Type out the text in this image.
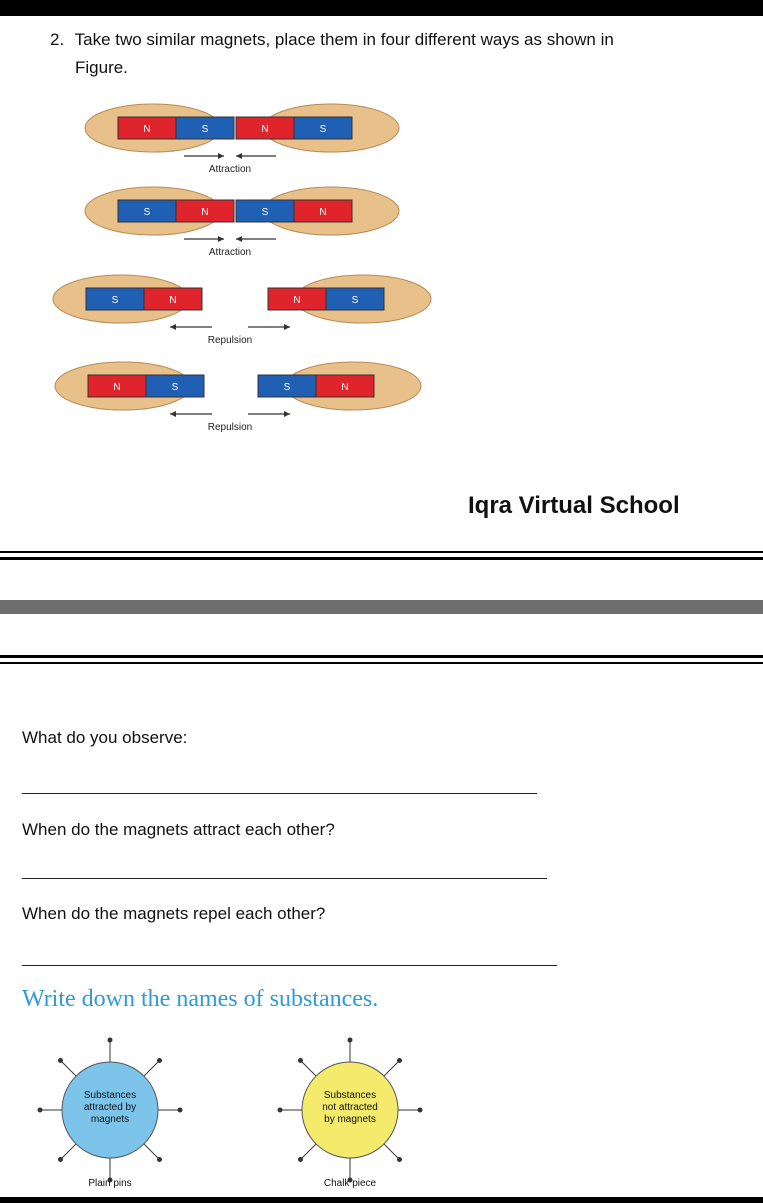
2. Take two similar magnets, place them in four different ways as shown in
Figure.
N	S	N	S
Attraction
S	N	S	N
Attraction
S	N	N	S
Repulsion
N	S	S	N
Repulsion
Iqra Virtual School
What do you observe:
When do the magnets attract each other?
When do the magnets repel each other?
Write down the names of substances.
Substances
attracted by
magnets
Plain pins
Substances
not attracted
by magnets
Chalk piece
